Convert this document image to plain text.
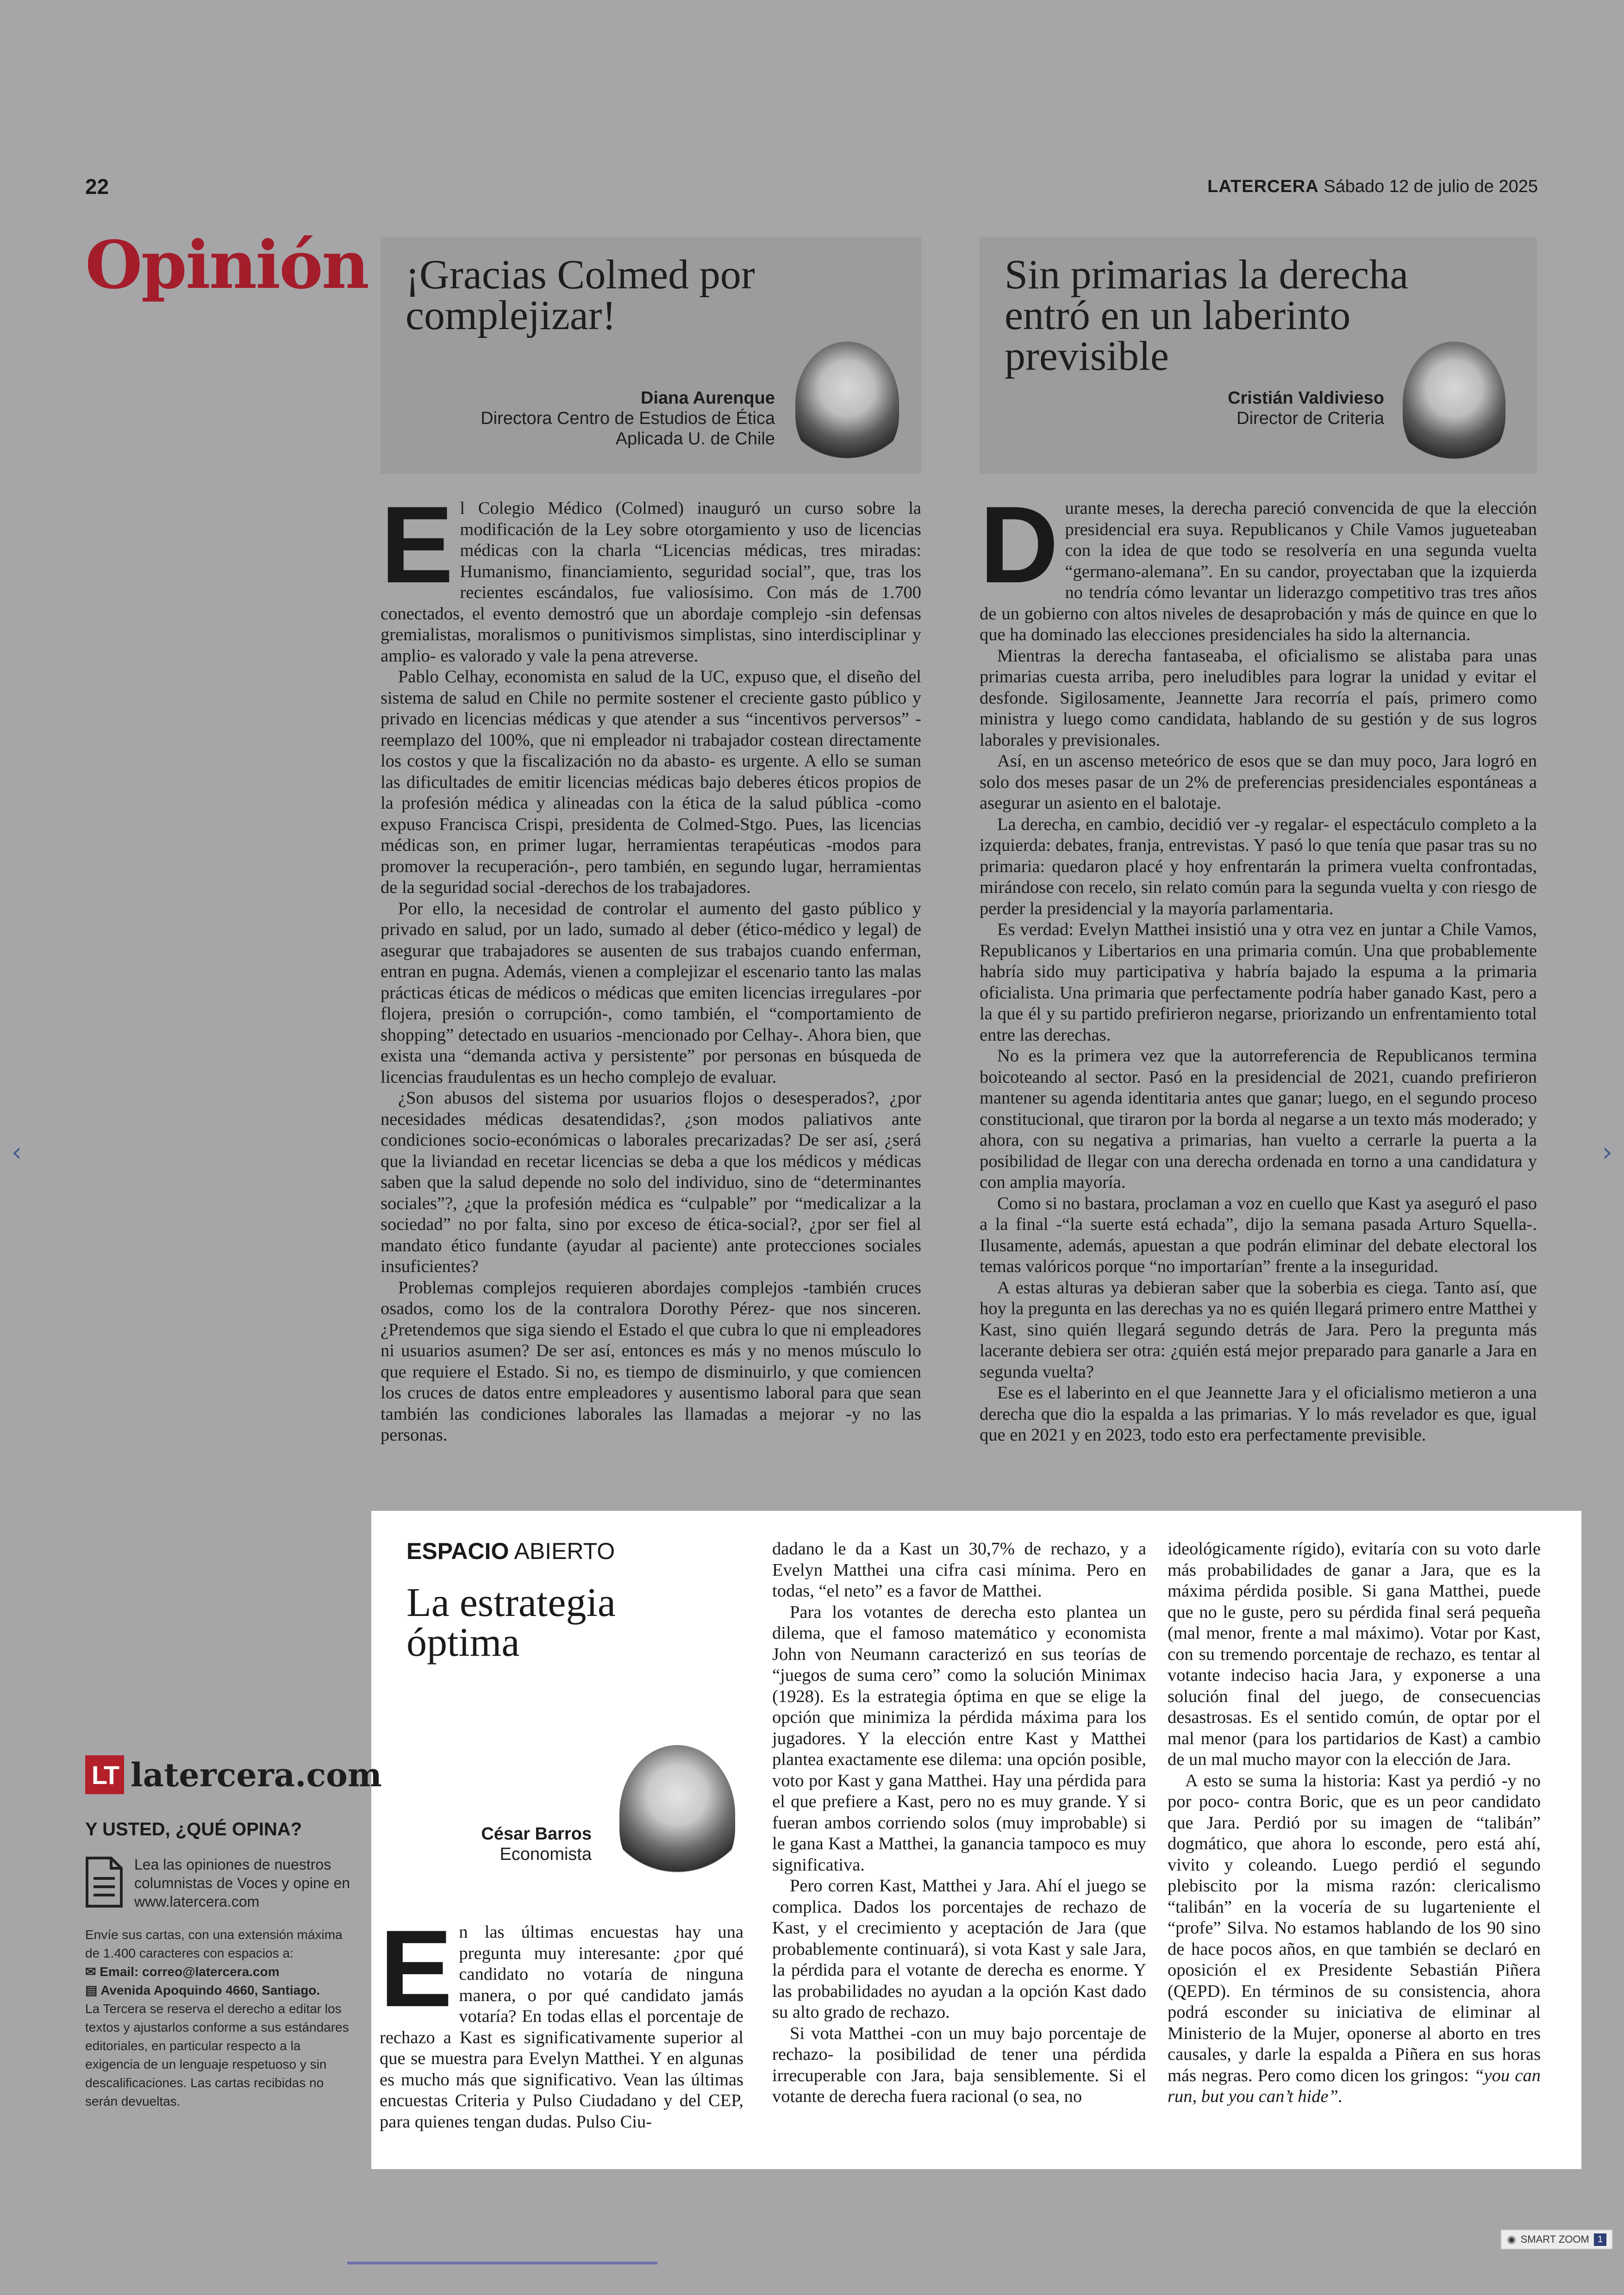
22	LATERCERA Sábado 12 de julio de 2025
Opinión ¡Gracias Colmed por complejizar!
Diana Aurenque
Directora Centro de Estudios de Ética Aplicada U. de Chile
Sin primarias la derecha entró en un laberinto previsible
Cristián Valdivieso
Director de Criteria

El Colegio Médico (Colmed) inauguró un curso sobre la modificación de la Ley sobre otorgamiento y uso de licencias médicas con la charla “Licencias médicas, tres miradas: Humanismo, financiamiento, seguridad social”, que, tras los recientes escándalos, fue valiosísimo. Con más de 1.700 conectados, el evento demostró que un abordaje complejo -sin defensas gremialistas, moralismos o punitivismos simplistas, sino interdisciplinar y amplio- es valorado y vale la pena atreverse.

Pablo Celhay, economista en salud de la UC, expuso que, el diseño del sistema de salud en Chile no permite sostener el creciente gasto público y privado en licencias médicas y que atender a sus “incentivos perversos” -reemplazo del 100%, que ni empleador ni trabajador costean directamente los costos y que la fiscalización no da abasto- es urgente. A ello se suman las dificultades de emitir licencias médicas bajo deberes éticos propios de la profesión médica y alineadas con la ética de la salud pública -como expuso Francisca Crispi, presidenta de Colmed-Stgo. Pues, las licencias médicas son, en primer lugar, herramientas terapéuticas -modos para promover la recuperación-, pero también, en segundo lugar, herramientas de la seguridad social -derechos de los trabajadores.

Por ello, la necesidad de controlar el aumento del gasto público y privado en salud, por un lado, sumado al deber (ético-médico y legal) de asegurar que trabajadores se ausenten de sus trabajos cuando enferman, entran en pugna. Además, vienen a complejizar el escenario tanto las malas prácticas éticas de médicos o médicas que emiten licencias irregulares -por flojera, presión o corrupción-, como también, el “comportamiento de shopping” detectado en usuarios -mencionado por Celhay-. Ahora bien, que exista una “demanda activa y persistente” por personas en búsqueda de licencias fraudulentas es un hecho complejo de evaluar.

¿Son abusos del sistema por usuarios flojos o desesperados?, ¿por necesidades médicas desatendidas?, ¿son modos paliativos ante condiciones socio-económicas o laborales precarizadas? De ser así, ¿será que la liviandad en recetar licencias se deba a que los médicos y médicas saben que la salud depende no solo del individuo, sino de “determinantes sociales”?, ¿que la profesión médica es “culpable” por “medicalizar a la sociedad” no por falta, sino por exceso de ética-social?, ¿por ser fiel al mandato ético fundante (ayudar al paciente) ante protecciones sociales insuficientes?

Problemas complejos requieren abordajes complejos -también cruces osados, como los de la contralora Dorothy Pérez- que nos sinceren. ¿Pretendemos que siga siendo el Estado el que cubra lo que ni empleadores ni usuarios asumen? De ser así, entonces es más y no menos músculo lo que requiere el Estado. Si no, es tiempo de disminuirlo, y que comiencen los cruces de datos entre empleadores y ausentismo laboral para que sean también las condiciones laborales las llamadas a mejorar -y no las personas.

Durante meses, la derecha pareció convencida de que la elección presidencial era suya. Republicanos y Chile Vamos jugueteaban con la idea de que todo se resolvería en una segunda vuelta “germano-alemana”. En su candor, proyectaban que la izquierda no tendría cómo levantar un liderazgo competitivo tras tres años de un gobierno con altos niveles de desaprobación y más de quince en que lo que ha dominado las elecciones presidenciales ha sido la alternancia.

Mientras la derecha fantaseaba, el oficialismo se alistaba para unas primarias cuesta arriba, pero ineludibles para lograr la unidad y evitar el desfonde. Sigilosamente, Jeannette Jara recorría el país, primero como ministra y luego como candidata, hablando de su gestión y de sus logros laborales y previsionales.

Así, en un ascenso meteórico de esos que se dan muy poco, Jara logró en solo dos meses pasar de un 2% de preferencias presidenciales espontáneas a asegurar un asiento en el balotaje.

La derecha, en cambio, decidió ver -y regalar- el espectáculo completo a la izquierda: debates, franja, entrevistas. Y pasó lo que tenía que pasar tras su no primaria: quedaron placé y hoy enfrentarán la primera vuelta confrontadas, mirándose con recelo, sin relato común para la segunda vuelta y con riesgo de perder la presidencial y la mayoría parlamentaria.

Es verdad: Evelyn Matthei insistió una y otra vez en juntar a Chile Vamos, Republicanos y Libertarios en una primaria común. Una que probablemente habría sido muy participativa y habría bajado la espuma a la primaria oficialista. Una primaria que perfectamente podría haber ganado Kast, pero a la que él y su partido prefirieron negarse, priorizando un enfrentamiento total entre las derechas.

No es la primera vez que la autorreferencia de Republicanos termina boicoteando al sector. Pasó en la presidencial de 2021, cuando prefirieron mantener su agenda identitaria antes que ganar; luego, en el segundo proceso constitucional, que tiraron por la borda al negarse a un texto más moderado; y ahora, con su negativa a primarias, han vuelto a cerrarle la puerta a la posibilidad de llegar con una derecha ordenada en torno a una candidatura y con amplia mayoría.

Como si no bastara, proclaman a voz en cuello que Kast ya aseguró el paso a la final -“la suerte está echada”, dijo la semana pasada Arturo Squella-. Ilusamente, además, apuestan a que podrán eliminar del debate electoral los temas valóricos porque “no importarían” frente a la inseguridad.

A estas alturas ya debieran saber que la soberbia es ciega. Tanto así, que hoy la pregunta en las derechas ya no es quién llegará primero entre Matthei y Kast, sino quién llegará segundo detrás de Jara. Pero la pregunta más lacerante debiera ser otra: ¿quién está mejor preparado para ganarle a Jara en segunda vuelta?

Ese es el laberinto en el que Jeannette Jara y el oficialismo metieron a una derecha que dio la espalda a las primarias. Y lo más revelador es que, igual que en 2021 y en 2023, todo esto era perfectamente previsible.

ESPACIO ABIERTO
La estrategia óptima
César Barros
Economista

En las últimas encuestas hay una pregunta muy interesante: ¿por qué candidato no votaría de ninguna manera, o por qué candidato jamás votaría? En todas ellas el porcentaje de rechazo a Kast es significativamente superior al que se muestra para Evelyn Matthei. Y en algunas es mucho más que significativo. Vean las últimas encuestas Criteria y Pulso Ciudadano y del CEP, para quienes tengan dudas. Pulso Ciu-

dadano le da a Kast un 30,7% de rechazo, y a Evelyn Matthei una cifra casi mínima. Pero en todas, “el neto” es a favor de Matthei.

Para los votantes de derecha esto plantea un dilema, que el famoso matemático y economista John von Neumann caracterizó en sus teorías de “juegos de suma cero” como la solución Minimax (1928). Es la estrategia óptima en que se elige la opción que minimiza la pérdida máxima para los jugadores. Y la elección entre Kast y Matthei plantea exactamente ese dilema: una opción posible, voto por Kast y gana Matthei. Hay una pérdida para el que prefiere a Kast, pero no es muy grande. Y si fueran ambos corriendo solos (muy improbable) si le gana Kast a Matthei, la ganancia tampoco es muy significativa.

Pero corren Kast, Matthei y Jara. Ahí el juego se complica. Dados los porcentajes de rechazo de Kast, y el crecimiento y aceptación de Jara (que probablemente continuará), si vota Kast y sale Jara, la pérdida para el votante de derecha es enorme. Y las probabilidades no ayudan a la opción Kast dado su alto grado de rechazo.

Si vota Matthei -con un muy bajo porcentaje de rechazo- la posibilidad de tener una pérdida irrecuperable con Jara, baja sensiblemente. Si el votante de derecha fuera racional (o sea, no

ideológicamente rígido), evitaría con su voto darle más probabilidades de ganar a Jara, que es la máxima pérdida posible. Si gana Matthei, puede que no le guste, pero su pérdida final será pequeña (mal menor, frente a mal máximo). Votar por Kast, con su tremendo porcentaje de rechazo, es tentar al votante indeciso hacia Jara, y exponerse a una solución final del juego, de consecuencias desastrosas. Es el sentido común, de optar por el mal menor (para los partidarios de Kast) a cambio de un mal mucho mayor con la elección de Jara.

A esto se suma la historia: Kast ya perdió -y no por poco- contra Boric, que es un peor candidato que Jara. Perdió por su imagen de “talibán” dogmático, que ahora lo esconde, pero está ahí, vivito y coleando. Luego perdió el segundo plebiscito por la misma razón: clericalismo “talibán” en la vocería de su lugarteniente el “profe” Silva. No estamos hablando de los 90 sino de hace pocos años, en que también se declaró en oposición el ex Presidente Sebastián Piñera (QEPD). En términos de su consistencia, ahora podrá esconder su iniciativa de eliminar al Ministerio de la Mujer, oponerse al aborto en tres causales, y darle la espalda a Piñera en sus horas más negras. Pero como dicen los gringos: “you can run, but you can’t hide”.

LT latercera.com
Y USTED, ¿QUÉ OPINA?
Lea las opiniones de nuestros columnistas de Voces y opine en www.latercera.com
Envíe sus cartas, con una extensión máxima de 1.400 caracteres con espacios a:
✉ Email: correo@latercera.com
▤ Avenida Apoquindo 4660, Santiago.
La Tercera se reserva el derecho a editar los textos y ajustarlos conforme a sus estándares editoriales, en particular respecto a la exigencia de un lenguaje respetuoso y sin descalificaciones. Las cartas recibidas no serán devueltas.
‹	›
◉ SMART ZOOM 1
